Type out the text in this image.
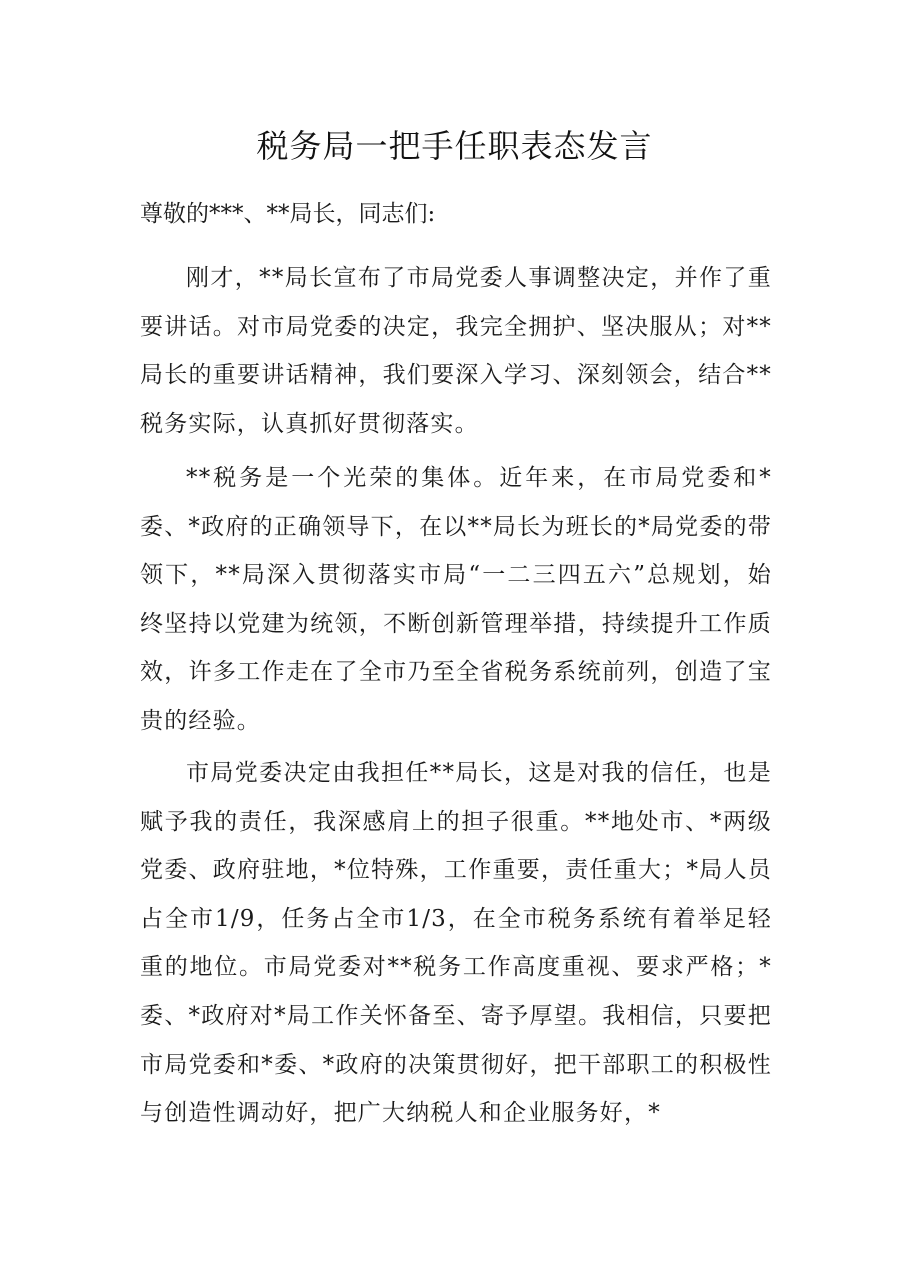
税务局一把手任职表态发言

尊敬的***、**局长，同志们:

刚才，**局长宣布了市局党委人事调整决定，并作了重要讲话。对市局党委的决定，我完全拥护、坚决服从；对**局长的重要讲话精神，我们要深入学习、深刻领会，结合**税务实际，认真抓好贯彻落实。

**税务是一个光荣的集体。近年来，在市局党委和*委、*政府的正确领导下，在以**局长为班长的*局党委的带领下，**局深入贯彻落实市局“一二三四五六”总规划，始终坚持以党建为统领，不断创新管理举措，持续提升工作质效，许多工作走在了全市乃至全省税务系统前列，创造了宝贵的经验。

市局党委决定由我担任**局长，这是对我的信任，也是赋予我的责任，我深感肩上的担子很重。**地处市、*两级党委、政府驻地，*位特殊，工作重要，责任重大；*局人员占全市1/9，任务占全市1/3，在全市税务系统有着举足轻重的地位。市局党委对**税务工作高度重视、要求严格；*委、*政府对*局工作关怀备至、寄予厚望。我相信，只要把市局党委和*委、*政府的决策贯彻好，把干部职工的积极性与创造性调动好，把广大纳税人和企业服务好，*
